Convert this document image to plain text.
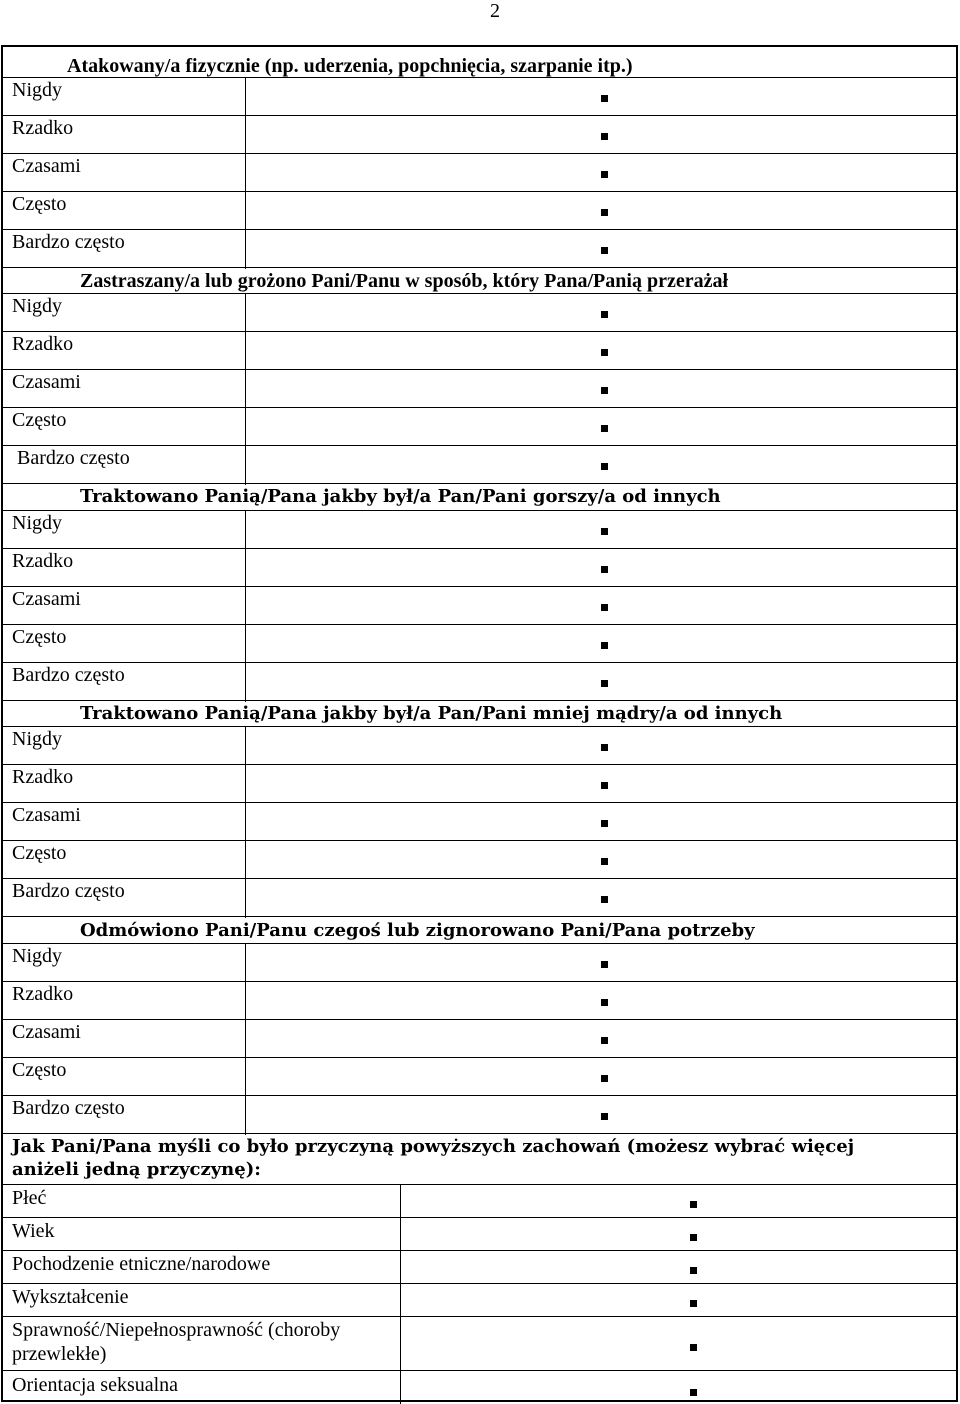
2
Atakowany/a fizycznie (np. uderzenia, popchnięcia, szarpanie itp.)
Nigdy
Rzadko
Czasami
Często
Bardzo często
Zastraszany/a lub grożono Pani/Panu w sposób, który Pana/Panią przerażał
Nigdy
Rzadko
Czasami
Często
Bardzo często
Traktowano Panią/Pana jakby był/a Pan/Pani gorszy/a od innych
Nigdy
Rzadko
Czasami
Często
Bardzo często
Traktowano Panią/Pana jakby był/a Pan/Pani mniej mądry/a od innych
Nigdy
Rzadko
Czasami
Często
Bardzo często
Odmówiono Pani/Panu czegoś lub zignorowano Pani/Pana potrzeby
Nigdy
Rzadko
Czasami
Często
Bardzo często
Jak Pani/Pana myśli co było przyczyną powyższych zachowań (możesz wybrać więcej aniżeli jedną przyczynę):
Płeć
Wiek
Pochodzenie etniczne/narodowe
Wykształcenie
Sprawność/Niepełnosprawność (choroby przewlekłe)
Orientacja seksualna
